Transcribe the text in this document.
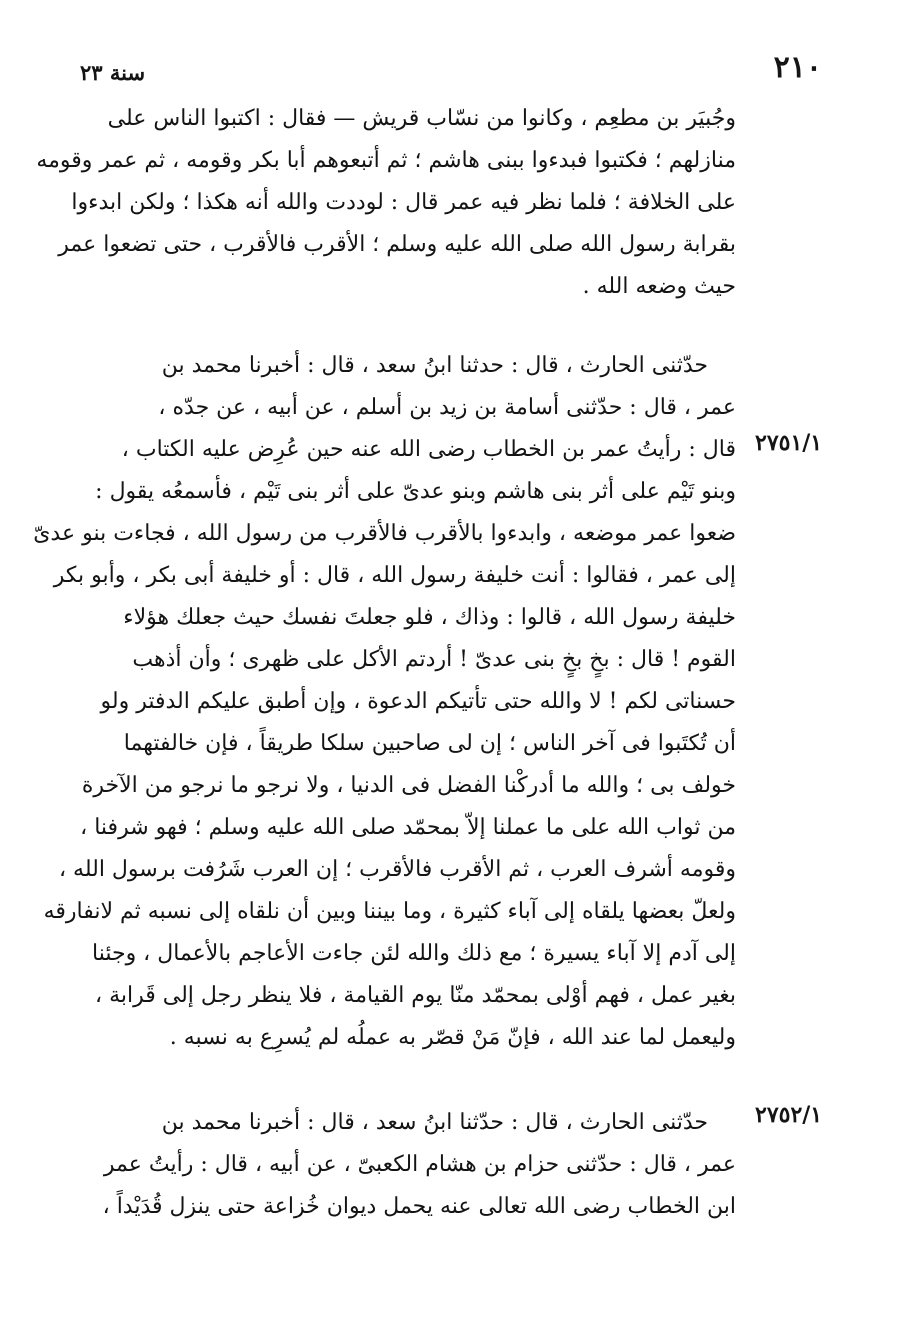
٢١٠
سنة ٢٣
وجُبيَر بن مطعِم ، وكانوا من نسّاب قريش — فقال : اكتبوا الناس على
منازلهم ؛ فكتبوا فبدءوا ببنى هاشم ؛ ثم أتبعوهم أبا بكر وقومه ، ثم عمر وقومه
على الخلافة ؛ فلما نظر فيه عمر قال : لوددت والله أنه هكذا ؛ ولكن ابدءوا
بقرابة رسول الله صلى الله عليه وسلم ؛ الأقرب فالأقرب ، حتى تضعوا عمر
حيث وضعه الله .
٢٧٥١/١
حدّثنى الحارث ، قال : حدثنا ابنُ سعد ، قال : أخبرنا محمد بن
عمر ، قال : حدّثنى أسامة بن زيد بن أسلم ، عن أبيه ، عن جدّه ،
قال : رأيتُ عمر بن الخطاب رضى الله عنه حين عُرِض عليه الكتاب ،
وبنو تَيْم على أثر بنى هاشم وبنو عدىّ على أثر بنى تَيْم ، فأسمعُه يقول :
ضعوا عمر موضعه ، وابدءوا بالأقرب فالأقرب من رسول الله ، فجاءت بنو عدىّ
إلى عمر ، فقالوا : أنت خليفة رسول الله ، قال : أو خليفة أبى بكر ، وأبو بكر
خليفة رسول الله ، قالوا : وذاك ، فلو جعلتَ نفسك حيث جعلك هؤلاء
القوم ! قال : بخٍ بخٍ بنى عدىّ ! أردتم الأكل على ظهرى ؛ وأن أذهب
حسناتى لكم ! لا والله حتى تأتيكم الدعوة ، وإن أطبق عليكم الدفتر ولو
أن تُكتَبوا فى آخر الناس ؛ إن لى صاحبين سلكا طريقاً ، فإن خالفتهما
خولف بى ؛ والله ما أدركْنا الفضل فى الدنيا ، ولا نرجو ما نرجو من الآخرة
من ثواب الله على ما عملنا إلاّ بمحمّد صلى الله عليه وسلم ؛ فهو شرفنا ،
وقومه أشرف العرب ، ثم الأقرب فالأقرب ؛ إن العرب شَرُفت برسول الله ،
ولعلّ بعضها يلقاه إلى آباء كثيرة ، وما بيننا وبين أن نلقاه إلى نسبه ثم لانفارقه
إلى آدم إلا آباء يسيرة ؛ مع ذلك والله لئن جاءت الأعاجم بالأعمال ، وجئنا
بغير عمل ، فهم أوْلى بمحمّد منّا يوم القيامة ، فلا ينظر رجل إلى قَرابة ،
وليعمل لما عند الله ، فإنّ مَنْ قصّر به عملُه لم يُسرِع به نسبه .
٢٧٥٢/١
حدّثنى الحارث ، قال : حدّثنا ابنُ سعد ، قال : أخبرنا محمد بن
عمر ، قال : حدّثنى حزام بن هشام الكعبىّ ، عن أبيه ، قال : رأيتُ عمر
ابن الخطاب رضى الله تعالى عنه يحمل ديوان خُزاعة حتى ينزل قُدَيْداً ،
